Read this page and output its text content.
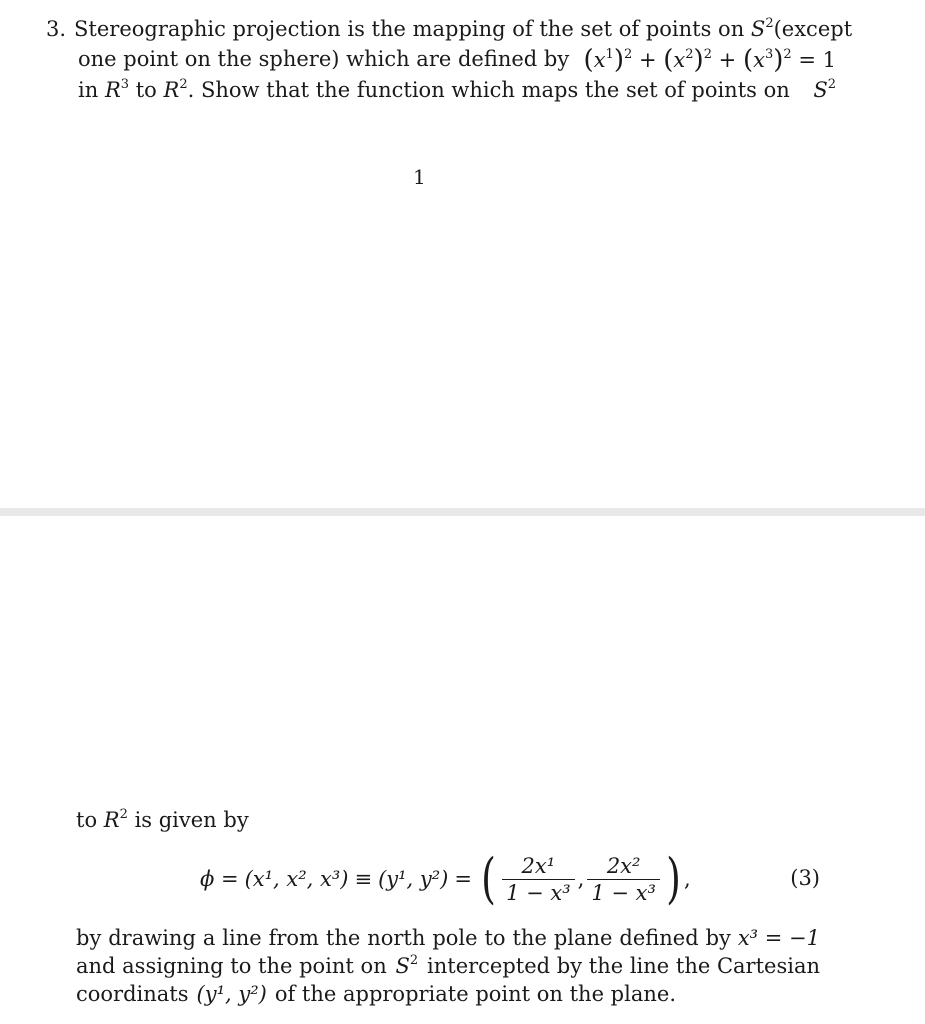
3. Stereographic projection is the mapping of the set of points on $S^2$ (except
one point on the sphere) which are defined by $(x^1)^2 + (x^2)^2 + (x^3)^2 = 1$
in $R^3$ to $R^2$. Show that the function which maps the set of points on $S^2$
1
to $R^2$ is given by
ϕ = (x¹, x², x³) ≡ (y¹, y²) = ( $\frac{\text{2x¹}}{\text{1 − x³}}$ , $\frac{\text{2x²}}{\text{1 − x³}}$ ) ,	(3)
by drawing a line from the north pole to the plane defined by x³ = −1
and assigning to the point on $S^2$ intercepted by the line the Cartesian
coordinats (y¹, y²) of the appropriate point on the plane.
